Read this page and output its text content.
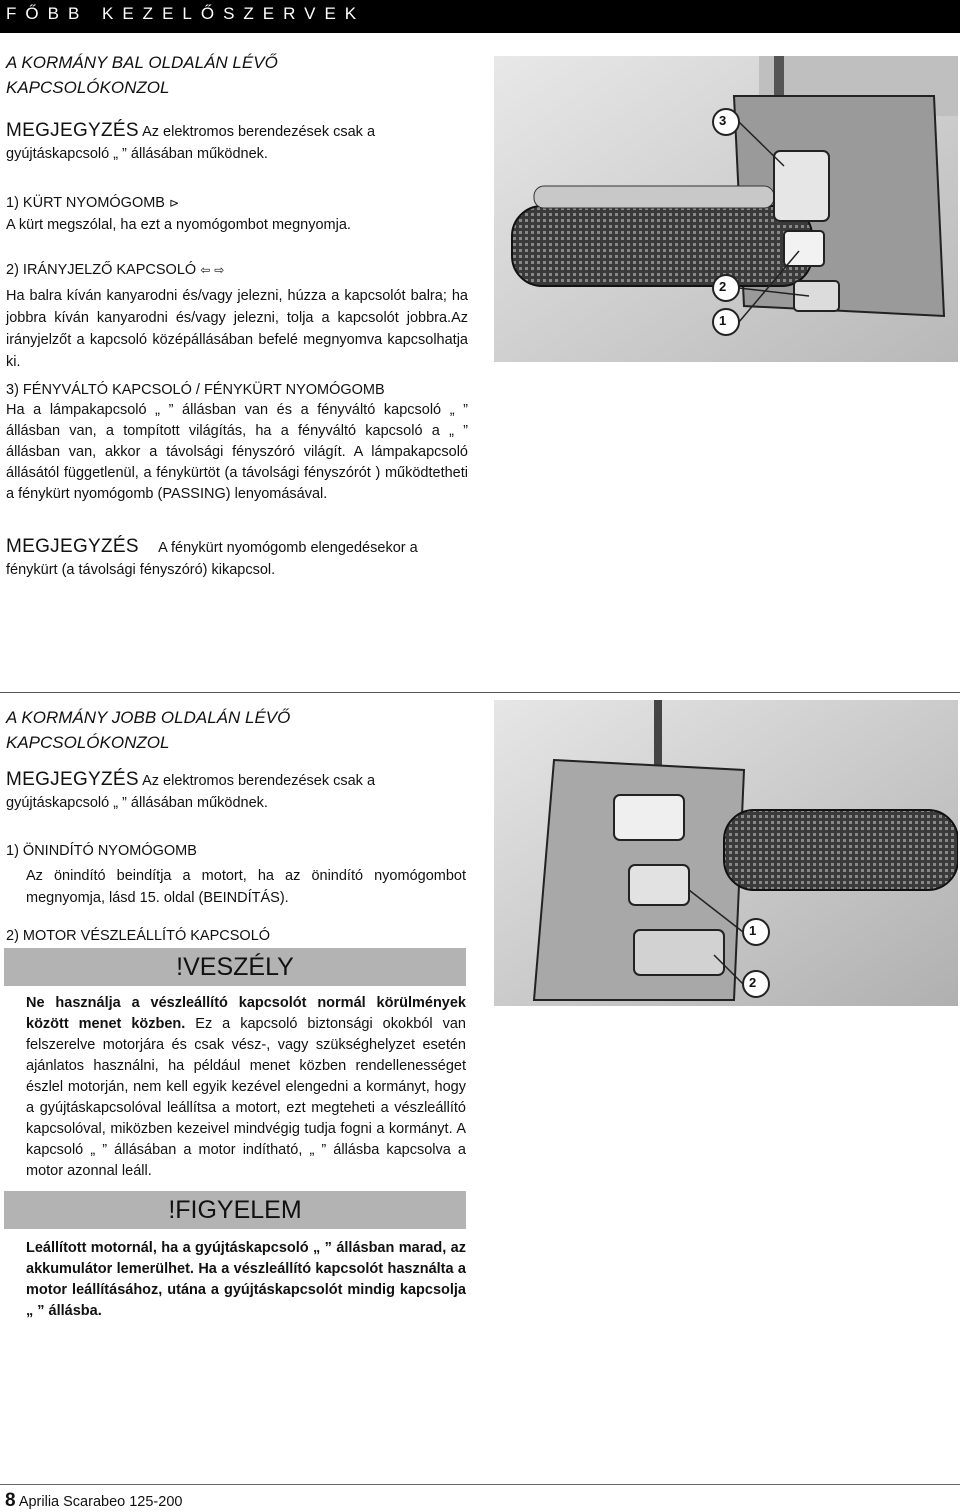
FŐBB KEZELŐSZERVEK
A KORMÁNY BAL OLDALÁN LÉVŐ
KAPCSOLÓKONZOL
MEGJEGYZÉS Az elektromos berendezések csak a
gyújtáskapcsoló „ ” állásában működnek.
1) KÜRT NYOMÓGOMB ⊳
A kürt megszólal, ha ezt a nyomógombot megnyomja.
2) IRÁNYJELZŐ KAPCSOLÓ ⇦ ⇨
Ha balra kíván kanyarodni és/vagy jelezni, húzza a kapcsolót balra; ha jobbra kíván kanyarodni és/vagy jelezni, tolja a kapcsolót jobbra.Az irányjelzőt a kapcsoló középállásában befelé megnyomva kapcsolhatja ki.
3) FÉNYVÁLTÓ KAPCSOLÓ / FÉNYKÜRT NYOMÓGOMB
Ha a lámpakapcsoló „ ” állásban van és a fényváltó kapcsoló „ ” állásban van, a tompított világítás, ha a fényváltó kapcsoló a „ ” állásban van, akkor a távolsági fényszóró világít. A lámpakapcsoló állásától függetlenül, a fénykürtöt (a távolsági fényszórót ) működtetheti a fénykürt nyomógomb (PASSING) lenyomásával.
MEGJEGYZÉS A fénykürt nyomógomb elengedésekor a
fénykürt (a távolsági fényszóró) kikapcsol.
3
2
1
A KORMÁNY JOBB OLDALÁN LÉVŐ
KAPCSOLÓKONZOL
MEGJEGYZÉS Az elektromos berendezések csak a
gyújtáskapcsoló „ ” állásában működnek.
1) ÖNINDÍTÓ NYOMÓGOMB
Az önindító beindítja a motort, ha az önindító nyomógombot megnyomja, lásd 15. oldal (BEINDÍTÁS).
2) MOTOR VÉSZLEÁLLÍTÓ KAPCSOLÓ
!VESZÉLY
Ne használja a vészleállító kapcsolót normál körülmények között menet közben. Ez a kapcsoló biztonsági okokból van felszerelve motorjára és csak vész-, vagy szükséghelyzet esetén ajánlatos használni, ha például menet közben rendellenességet észlel motorján, nem kell egyik kezével elengedni a kormányt, hogy a gyújtáskapcsolóval leállítsa a motort, ezt megteheti a vészleállító kapcsolóval, miközben kezeivel mindvégig tudja fogni a kormányt. A kapcsoló „ ” állásában a motor indítható, „ ” állásba kapcsolva a motor azonnal leáll.
!FIGYELEM
Leállított motornál, ha a gyújtáskapcsoló „ ” állásban marad, az akkumulátor lemerülhet. Ha a vészleállító kapcsolót használta a motor leállításához, utána a gyújtáskapcsolót mindig kapcsolja „ ” állásba.
1
2
8 Aprilia Scarabeo 125-200
